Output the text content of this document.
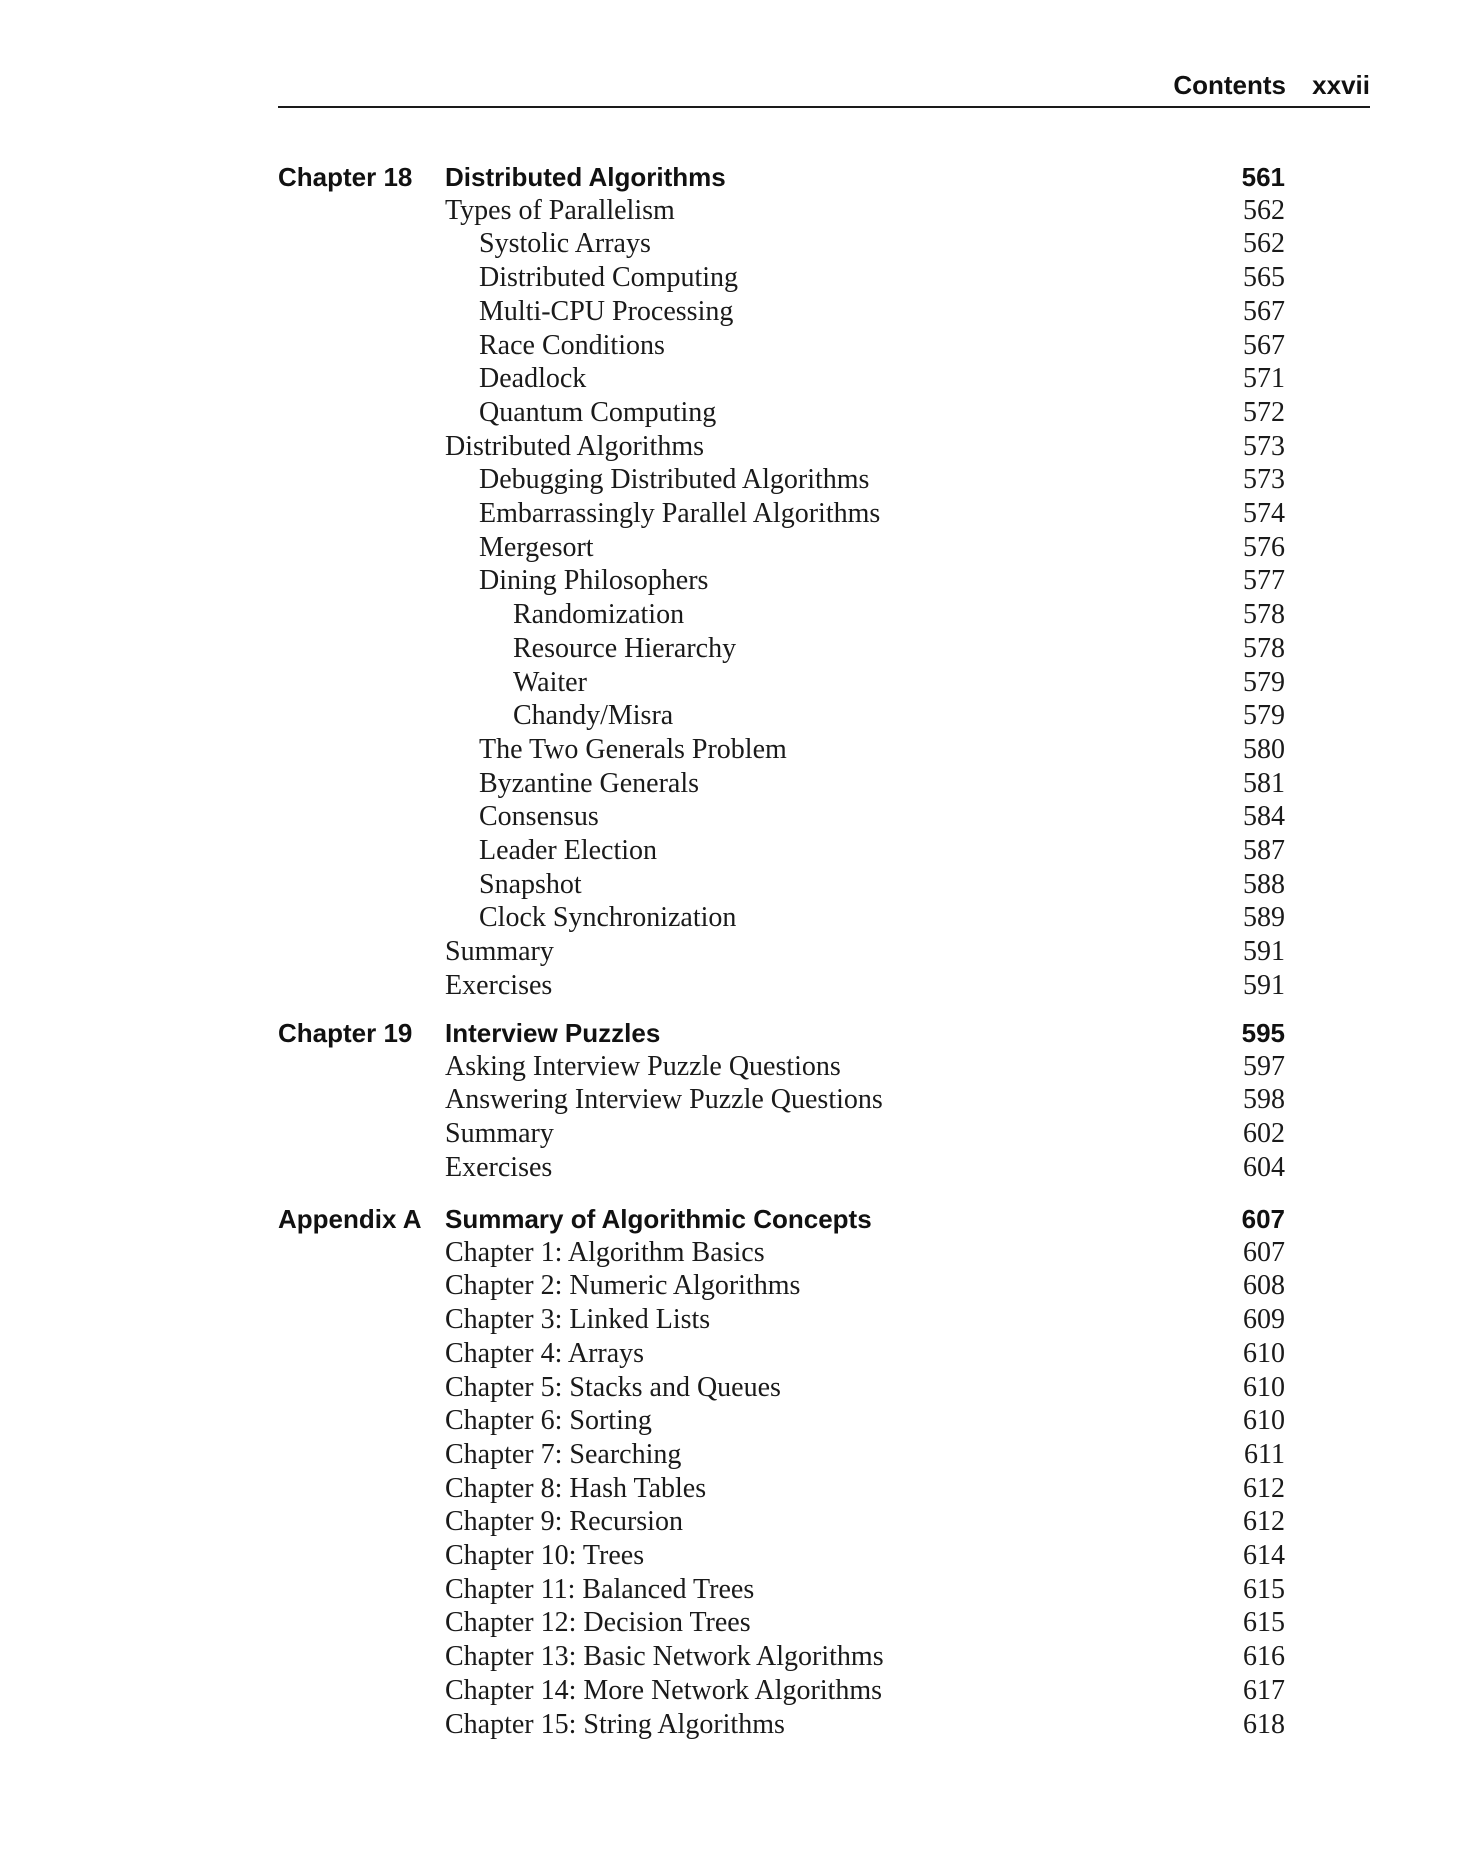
Contents xxvii
Chapter 18 Distributed Algorithms	561
Types of Parallelism	562
Systolic Arrays	562
Distributed Computing	565
Multi-CPU Processing	567
Race Conditions	567
Deadlock	571
Quantum Computing	572
Distributed Algorithms	573
Debugging Distributed Algorithms	573
Embarrassingly Parallel Algorithms	574
Mergesort	576
Dining Philosophers	577
Randomization	578
Resource Hierarchy	578
Waiter	579
Chandy/Misra	579
The Two Generals Problem	580
Byzantine Generals	581
Consensus	584
Leader Election	587
Snapshot	588
Clock Synchronization	589
Summary	591
Exercises	591
Chapter 19 Interview Puzzles	595
Asking Interview Puzzle Questions	597
Answering Interview Puzzle Questions	598
Summary	602
Exercises	604
Appendix A Summary of Algorithmic Concepts	607
Chapter 1: Algorithm Basics	607
Chapter 2: Numeric Algorithms	608
Chapter 3: Linked Lists	609
Chapter 4: Arrays	610
Chapter 5: Stacks and Queues	610
Chapter 6: Sorting	610
Chapter 7: Searching	611
Chapter 8: Hash Tables	612
Chapter 9: Recursion	612
Chapter 10: Trees	614
Chapter 11: Balanced Trees	615
Chapter 12: Decision Trees	615
Chapter 13: Basic Network Algorithms	616
Chapter 14: More Network Algorithms	617
Chapter 15: String Algorithms	618
